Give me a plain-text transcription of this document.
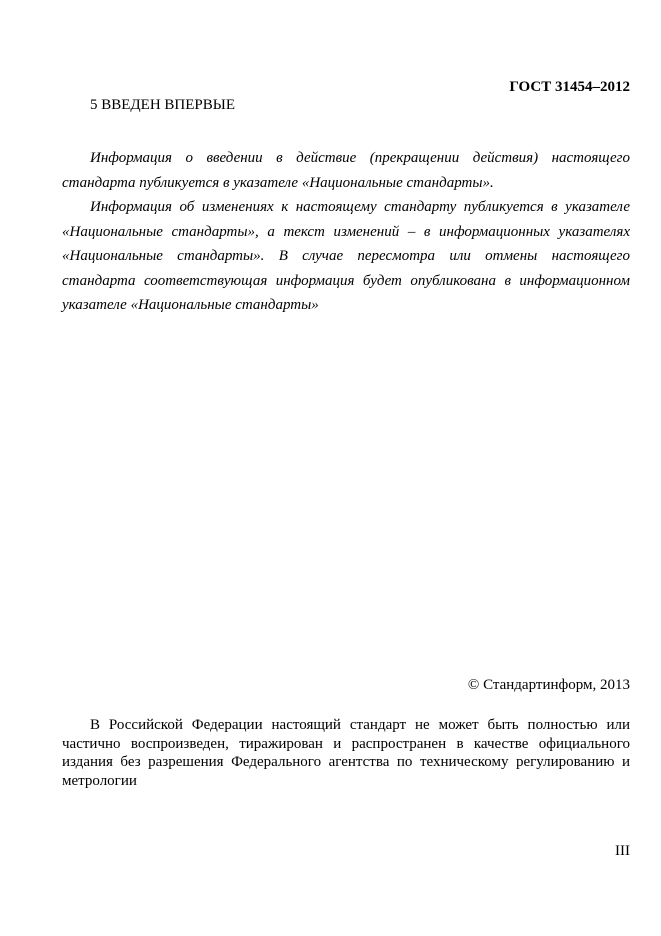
ГОСТ 31454–2012
5 ВВЕДЕН ВПЕРВЫЕ

Информация о введении в действие (прекращении действия) настоящего стандарта публикуется в указателе «Национальные стандарты».

Информация об изменениях к настоящему стандарту публикуется в указателе «Национальные стандарты», а текст изменений – в информационных указателях «Национальные стандарты». В случае пересмотра или отмены настоящего стандарта соответствующая информация будет опубликована в информационном указателе «Национальные стандарты»

© Стандартинформ, 2013

В Российской Федерации настоящий стандарт не может быть полностью или частично воспроизведен, тиражирован и распространен в качестве официального издания без разрешения Федерального агентства по техническому регулированию и метрологии

III
